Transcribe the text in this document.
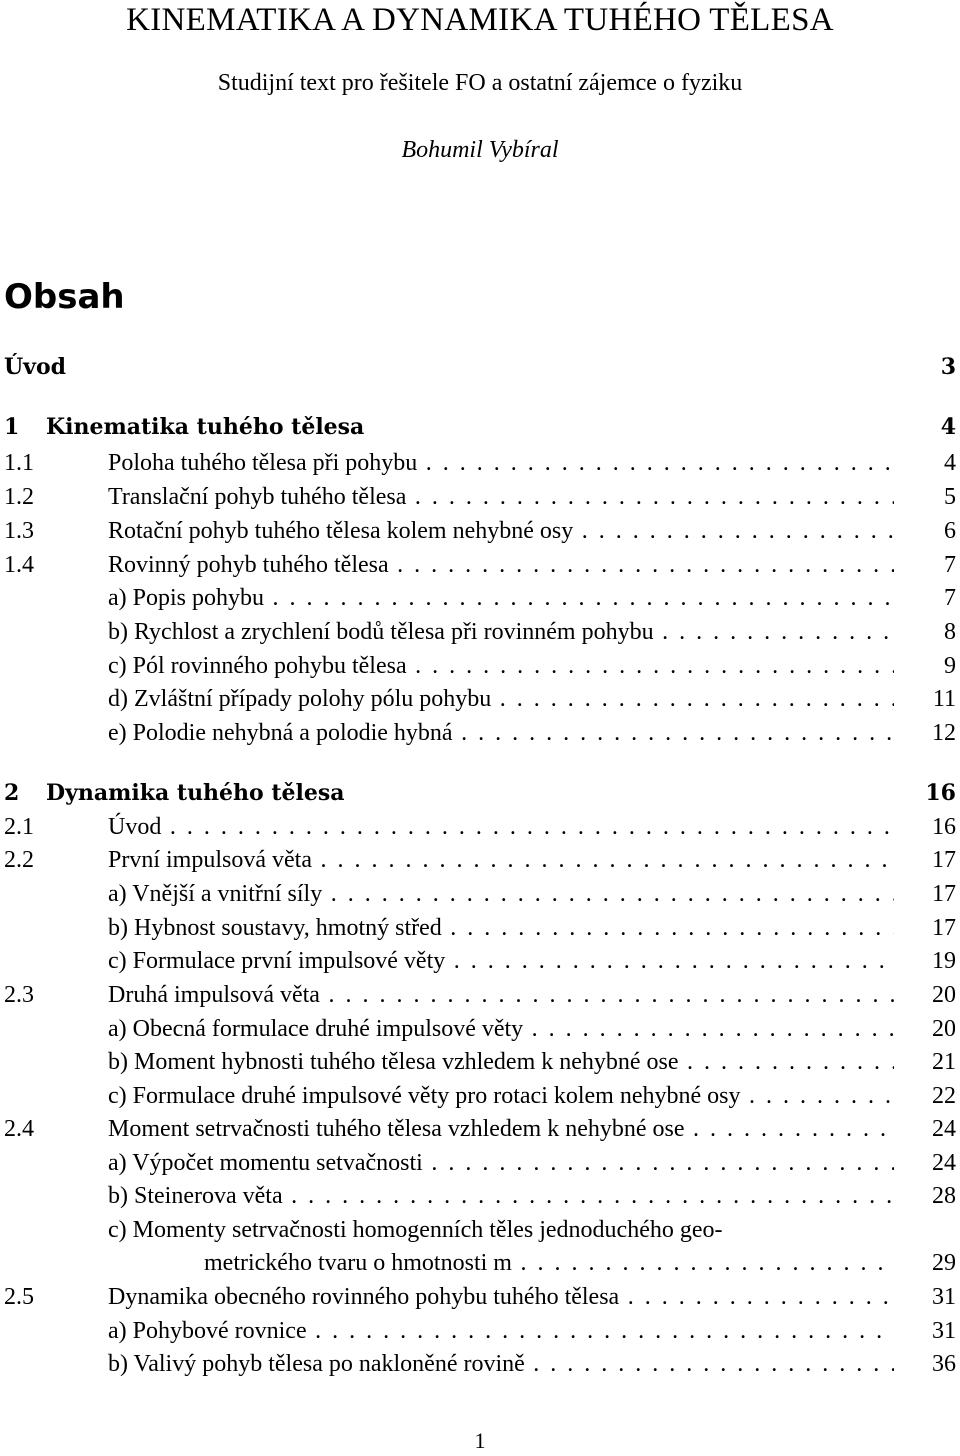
KINEMATIKA A DYNAMIKA TUHÉHO TĚLESA
Studijní text pro řešitele FO a ostatní zájemce o fyziku
Bohumil Vybíral
Obsah
Úvod	3
1 Kinematika tuhého tělesa	4
1.1	Poloha tuhého tělesa při pohybu . . .	4
1.2	Translační pohyb tuhého tělesa . . .	5
1.3	Rotační pohyb tuhého tělesa kolem nehybné osy . . .	6
1.4	Rovinný pohyb tuhého tělesa . . .	7
a) Popis pohybu . . .	7
b) Rychlost a zrychlení bodů tělesa při rovinném pohybu . . .	8
c) Pól rovinného pohybu tělesa . . .	9
d) Zvláštní případy polohy pólu pohybu . . .	11
e) Polodie nehybná a polodie hybná . . .	12
2 Dynamika tuhého tělesa	16
2.1	Úvod . . .	16
2.2	První impulsová věta . . .	17
a) Vnější a vnitřní síly . . .	17
b) Hybnost soustavy, hmotný střed . . .	17
c) Formulace první impulsové věty . . .	19
2.3	Druhá impulsová věta . . .	20
a) Obecná formulace druhé impulsové věty . . .	20
b) Moment hybnosti tuhého tělesa vzhledem k nehybné ose . . .	21
c) Formulace druhé impulsové věty pro rotaci kolem nehybné osy . . .	22
2.4	Moment setrvačnosti tuhého tělesa vzhledem k nehybné ose . . .	24
a) Výpočet momentu setvačnosti . . .	24
b) Steinerova věta . . .	28
c) Momenty setrvačnosti homogenních těles jednoduchého geo-
metrického tvaru o hmotnosti m . . .	29
2.5	Dynamika obecného rovinného pohybu tuhého tělesa . . .	31
a) Pohybové rovnice . . .	31
b) Valivý pohyb tělesa po nakloněné rovině . . .	36
1
